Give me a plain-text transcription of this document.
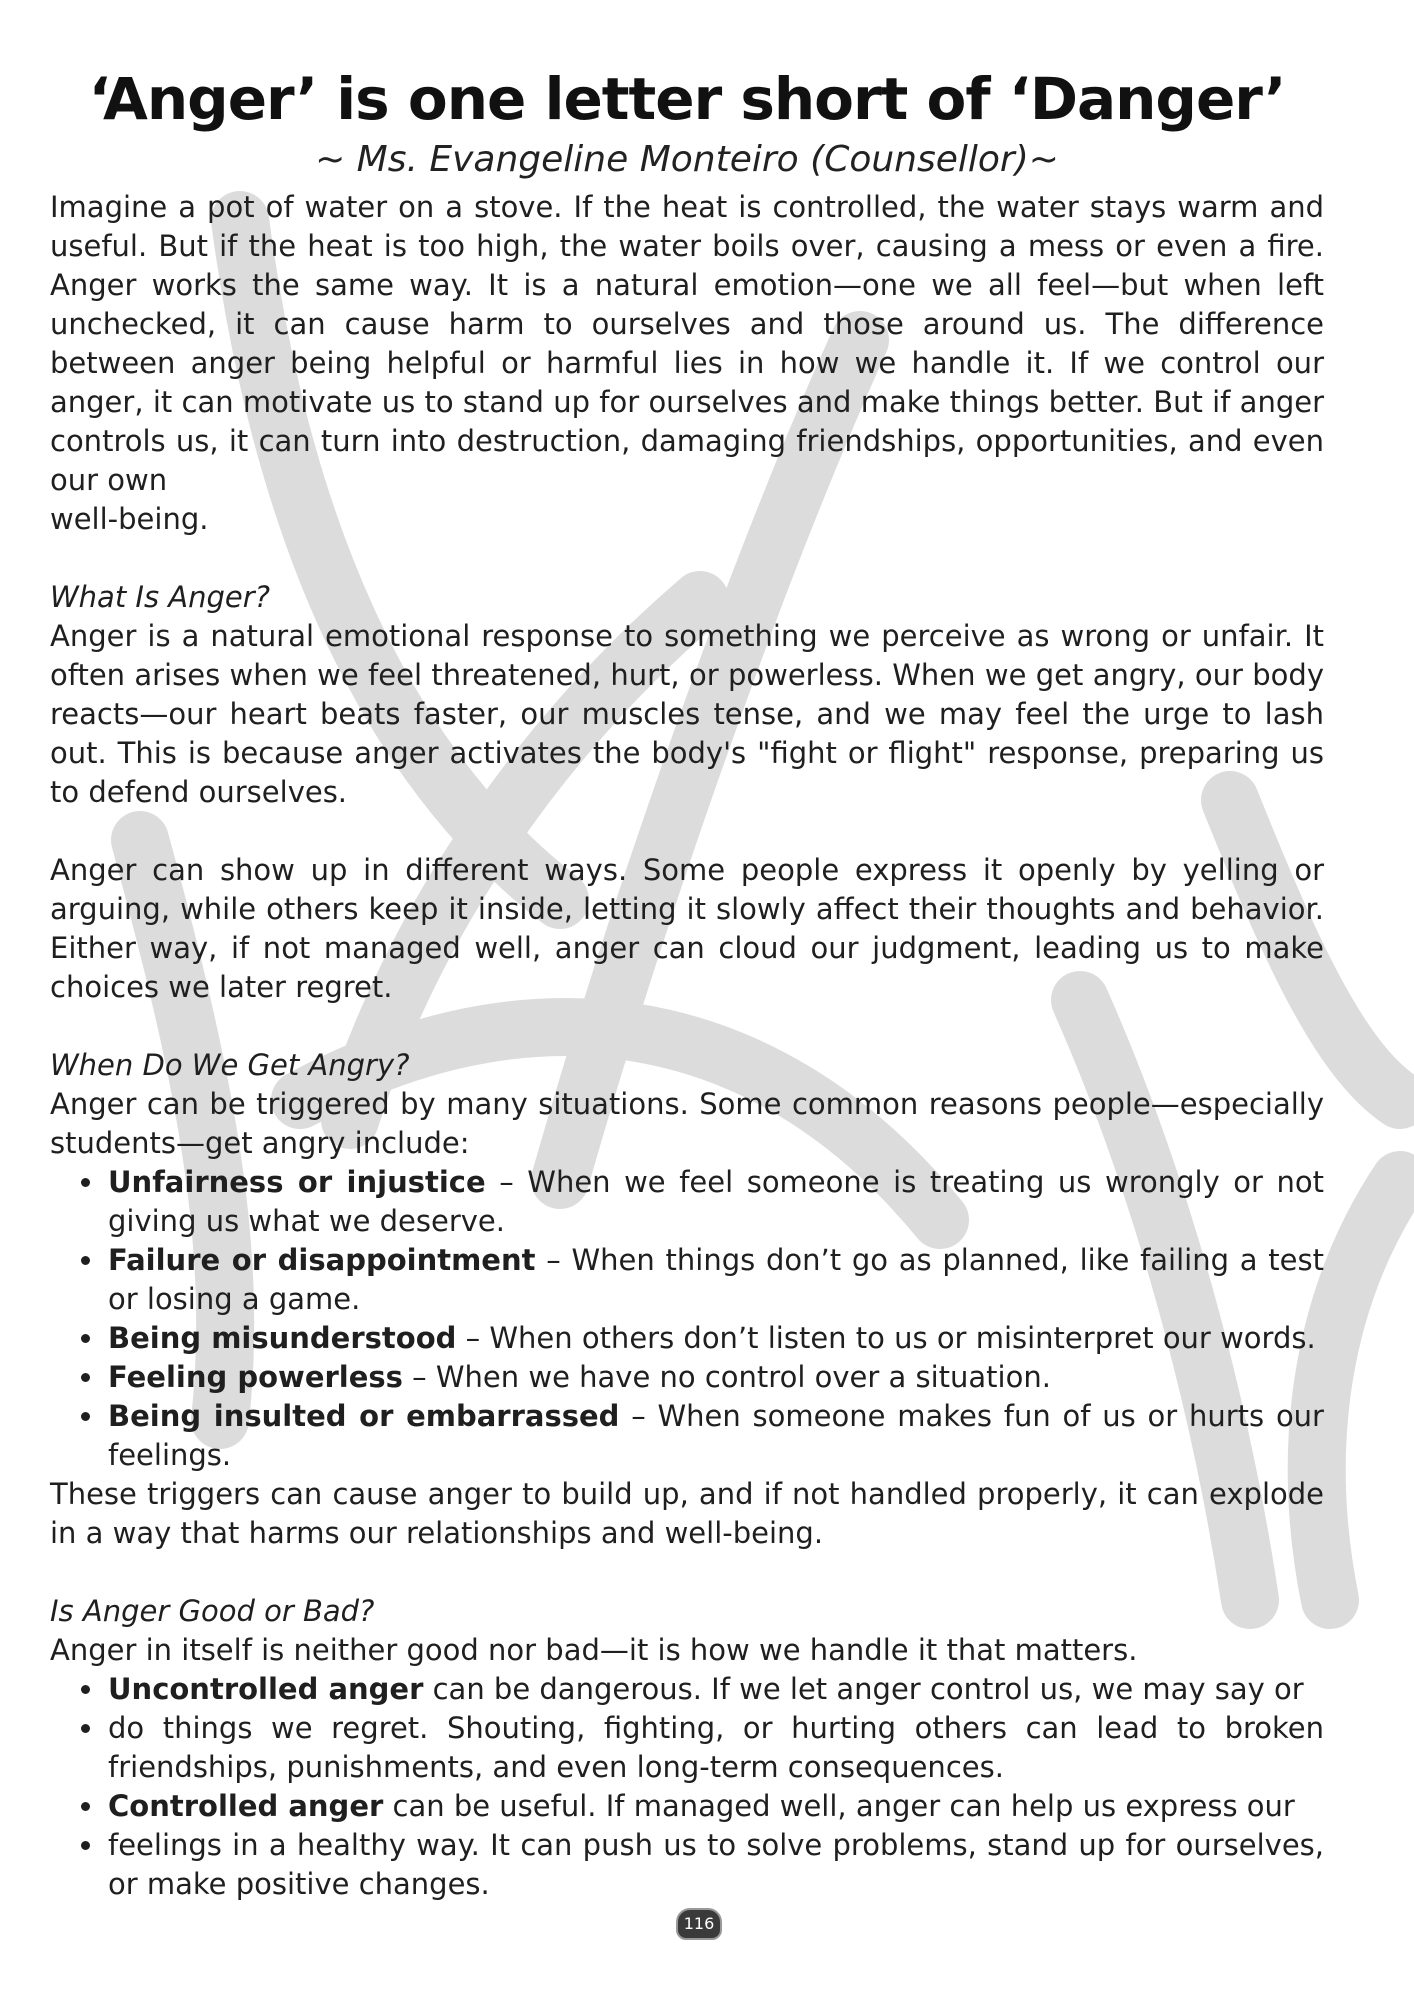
‘Anger’ is one letter short of ‘Danger’
~ Ms. Evangeline Monteiro (Counsellor)~

Imagine a pot of water on a stove. If the heat is controlled, the water stays warm and useful. But if the heat is too high, the water boils over, causing a mess or even a fire. Anger works the same way. It is a natural emotion—one we all feel—but when left unchecked, it can cause harm to ourselves and those around us. The difference between anger being helpful or harmful lies in how we handle it. If we control our anger, it can motivate us to stand up for ourselves and make things better. But if anger controls us, it can turn into destruction, damaging friendships, opportunities, and even our own

well-being.

What Is Anger?

Anger is a natural emotional response to something we perceive as wrong or unfair. It often arises when we feel threatened, hurt, or powerless. When we get angry, our body reacts—our heart beats faster, our muscles tense, and we may feel the urge to lash out. This is because anger activates the body's "fight or flight" response, preparing us to defend ourselves.

Anger can show up in different ways. Some people express it openly by yelling or arguing, while others keep it inside, letting it slowly affect their thoughts and behavior. Either way, if not managed well, anger can cloud our judgment, leading us to make choices we later regret.

When Do We Get Angry?

Anger can be triggered by many situations. Some common reasons people—especially students—get angry include:

• Unfairness or injustice – When we feel someone is treating us wrongly or not giving us what we deserve.
• Failure or disappointment – When things don’t go as planned, like failing a test or losing a game.
• Being misunderstood – When others don’t listen to us or misinterpret our words.
• Feeling powerless – When we have no control over a situation.
• Being insulted or embarrassed – When someone makes fun of us or hurts our feelings.

These triggers can cause anger to build up, and if not handled properly, it can explode in a way that harms our relationships and well-being.

Is Anger Good or Bad?

Anger in itself is neither good nor bad—it is how we handle it that matters.

• Uncontrolled anger can be dangerous. If we let anger control us, we may say or
• do things we regret. Shouting, fighting, or hurting others can lead to broken friendships, punishments, and even long-term consequences.
• Controlled anger can be useful. If managed well, anger can help us express our
• feelings in a healthy way. It can push us to solve problems, stand up for ourselves, or make positive changes.
116
